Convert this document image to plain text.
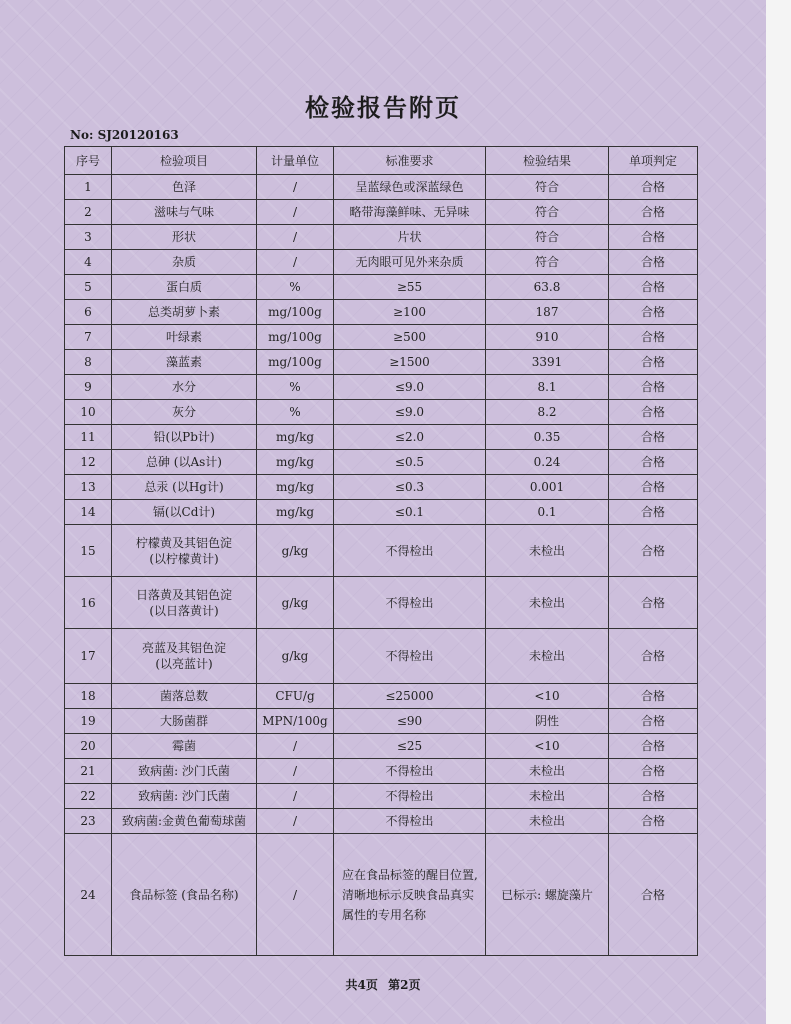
检验报告附页
No: SJ20120163
序号	检验项目	计量单位	标准要求	检验结果	单项判定
1	色泽	/	呈蓝绿色或深蓝绿色	符合	合格
2	滋味与气味	/	略带海藻鲜味、无异味	符合	合格
3	形状	/	片状	符合	合格
4	杂质	/	无肉眼可见外来杂质	符合	合格
5	蛋白质	%	≥55	63.8	合格
6	总类胡萝卜素	mg/100g	≥100	187	合格
7	叶绿素	mg/100g	≥500	910	合格
8	藻蓝素	mg/100g	≥1500	3391	合格
9	水分	%	≤9.0	8.1	合格
10	灰分	%	≤9.0	8.2	合格
11	铅(以Pb计)	mg/kg	≤2.0	0.35	合格
12	总砷 (以As计)	mg/kg	≤0.5	0.24	合格
13	总汞 (以Hg计)	mg/kg	≤0.3	0.001	合格
14	镉(以Cd计)	mg/kg	≤0.1	0.1	合格
15	柠檬黄及其铝色淀
(以柠檬黄计)	g/kg	不得检出	未检出	合格
16	日落黄及其铝色淀
(以日落黄计)	g/kg	不得检出	未检出	合格
17	亮蓝及其铝色淀
(以亮蓝计)	g/kg	不得检出	未检出	合格
18	菌落总数	CFU/g	≤25000	<10	合格
19	大肠菌群	MPN/100g	≤90	阴性	合格
20	霉菌	/	≤25	<10	合格
21	致病菌: 沙门氏菌	/	不得检出	未检出	合格
22	致病菌: 沙门氏菌	/	不得检出	未检出	合格
23	致病菌:金黄色葡萄球菌	/	不得检出	未检出	合格
24	食品标签 (食品名称)	/	应在食品标签的醒目位置,清晰地标示反映食品真实属性的专用名称	已标示: 螺旋藻片	合格
共4页 第2页
